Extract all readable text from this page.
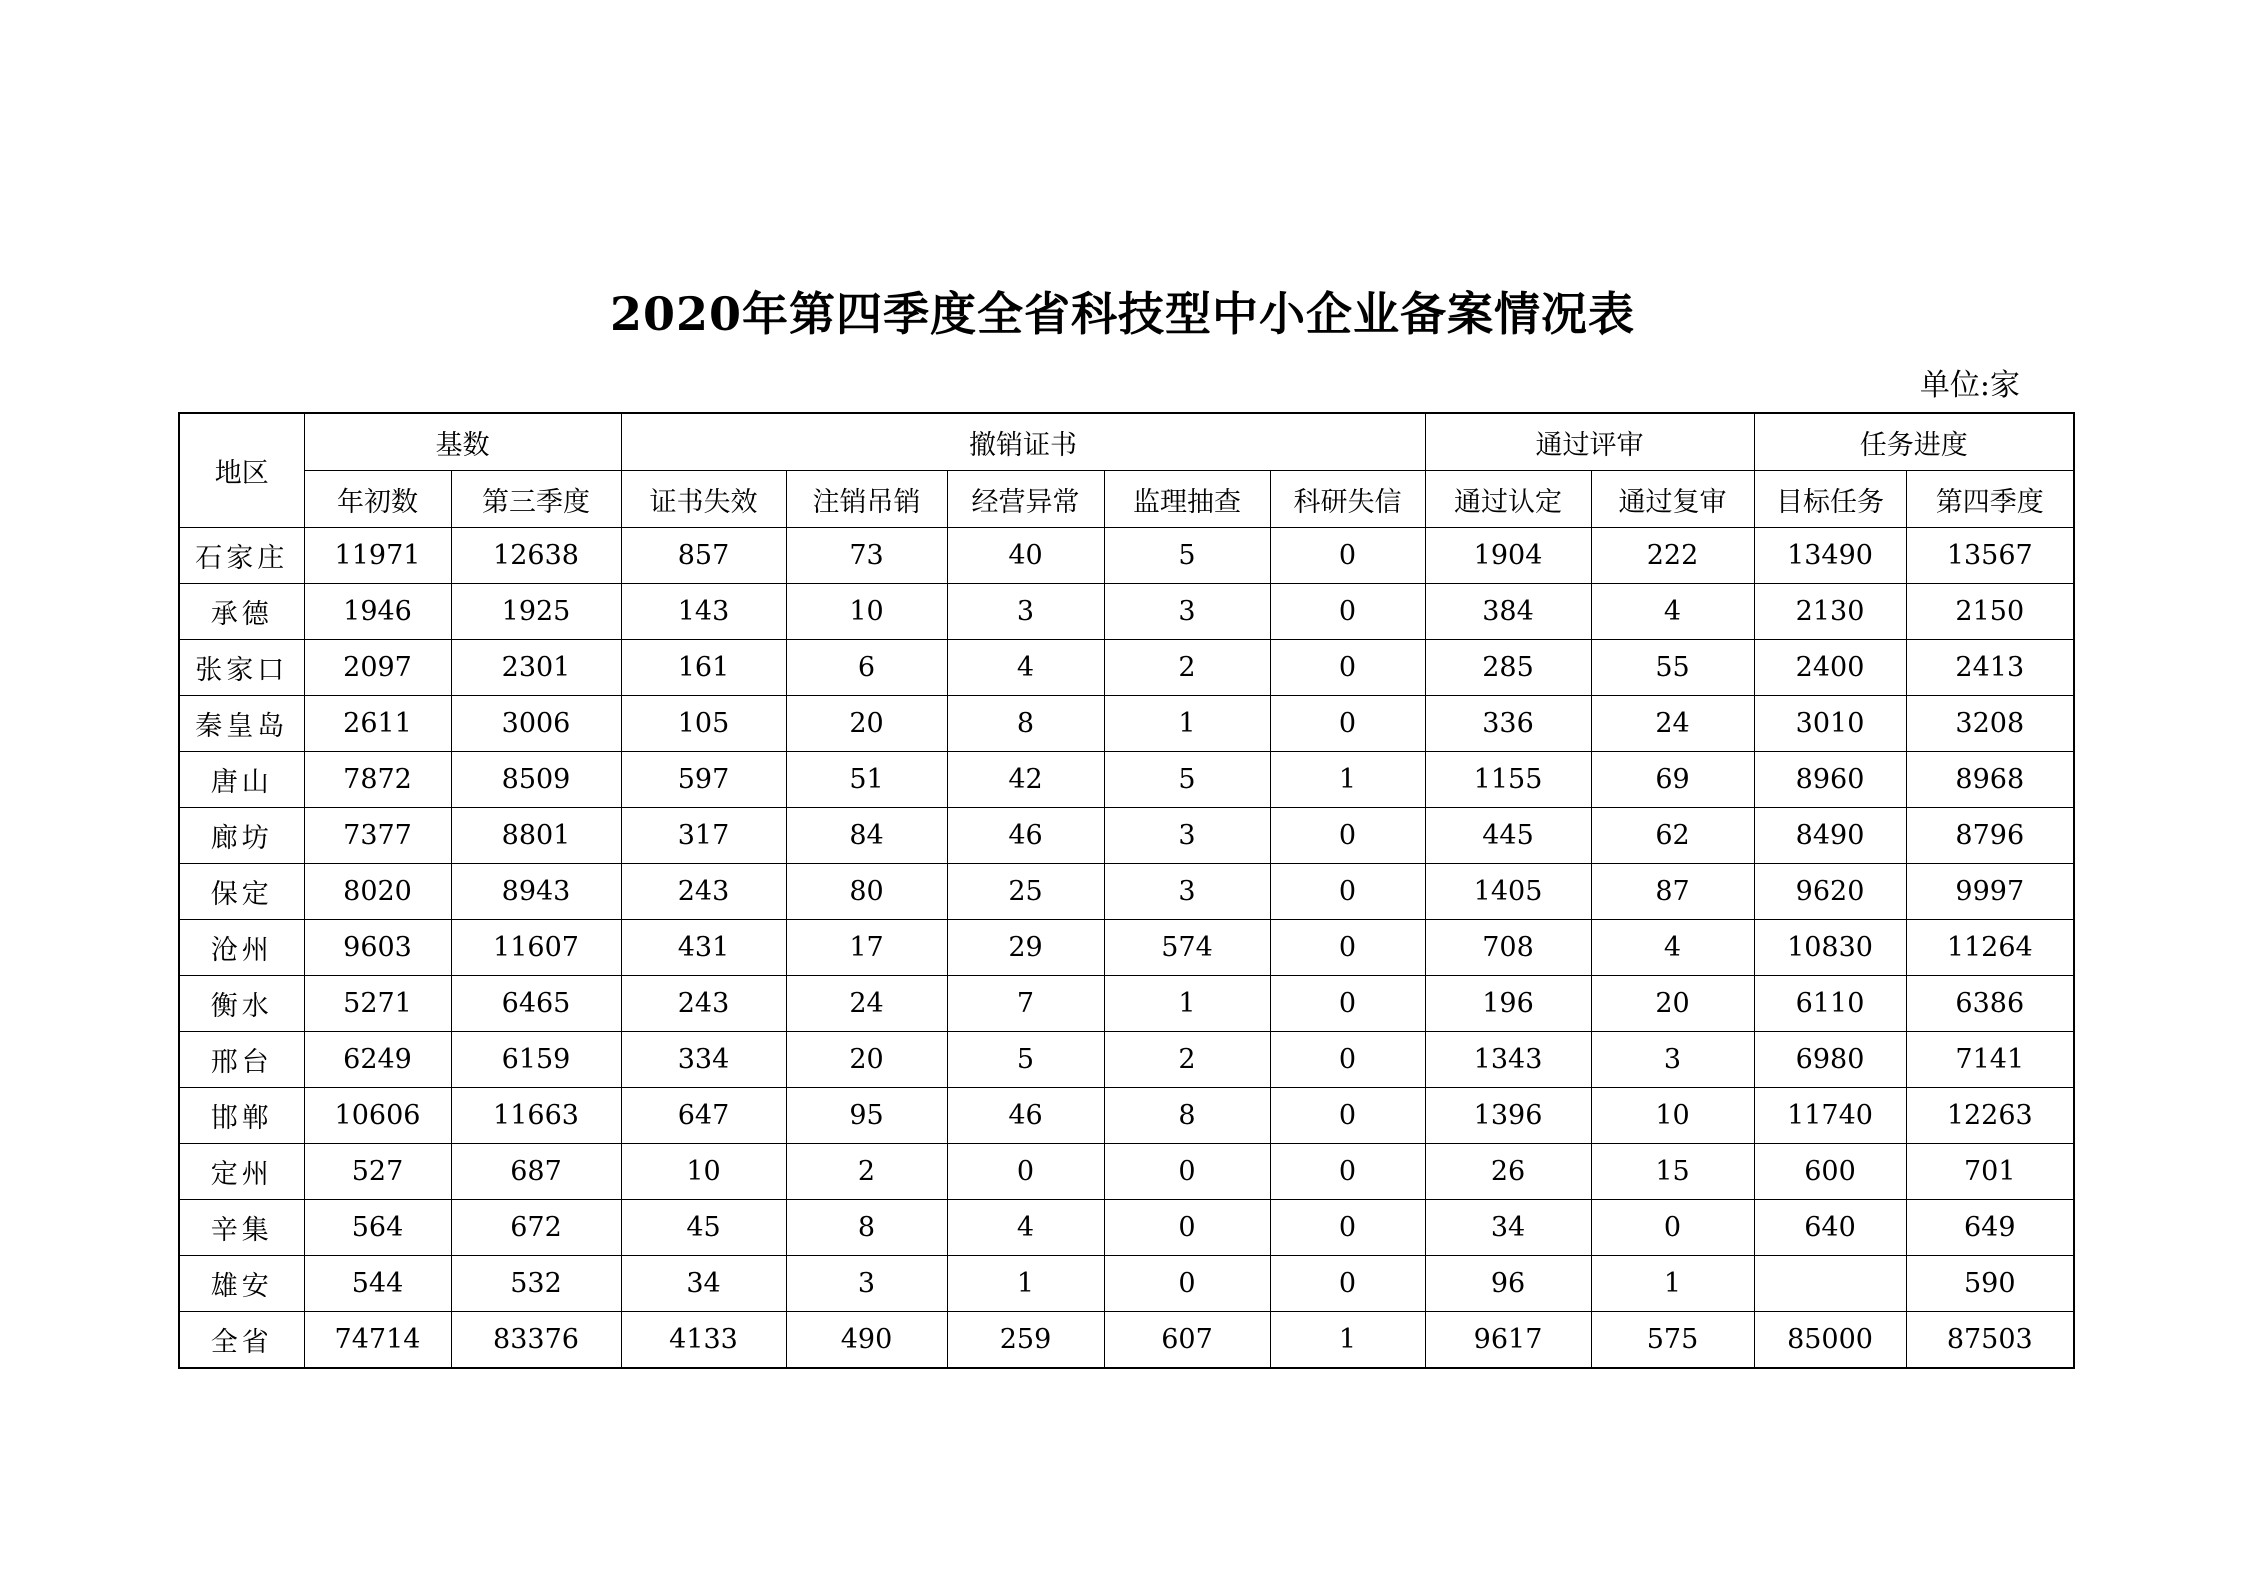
2020年第四季度全省科技型中小企业备案情况表
单位:家
地区	基数		撤销证书					通过评审		任务进度	
	年初数	第三季度	证书失效	注销吊销	经营异常	监理抽查	科研失信	通过认定	通过复审	目标任务	第四季度
石家庄	11971	12638	857	73	40	5	0	1904	222	13490	13567
承德	1946	1925	143	10	3	3	0	384	4	2130	2150
张家口	2097	2301	161	6	4	2	0	285	55	2400	2413
秦皇岛	2611	3006	105	20	8	1	0	336	24	3010	3208
唐山	7872	8509	597	51	42	5	1	1155	69	8960	8968
廊坊	7377	8801	317	84	46	3	0	445	62	8490	8796
保定	8020	8943	243	80	25	3	0	1405	87	9620	9997
沧州	9603	11607	431	17	29	574	0	708	4	10830	11264
衡水	5271	6465	243	24	7	1	0	196	20	6110	6386
邢台	6249	6159	334	20	5	2	0	1343	3	6980	7141
邯郸	10606	11663	647	95	46	8	0	1396	10	11740	12263
定州	527	687	10	2	0	0	0	26	15	600	701
辛集	564	672	45	8	4	0	0	34	0	640	649
雄安	544	532	34	3	1	0	0	96	1		590
全省	74714	83376	4133	490	259	607	1	9617	575	85000	87503
